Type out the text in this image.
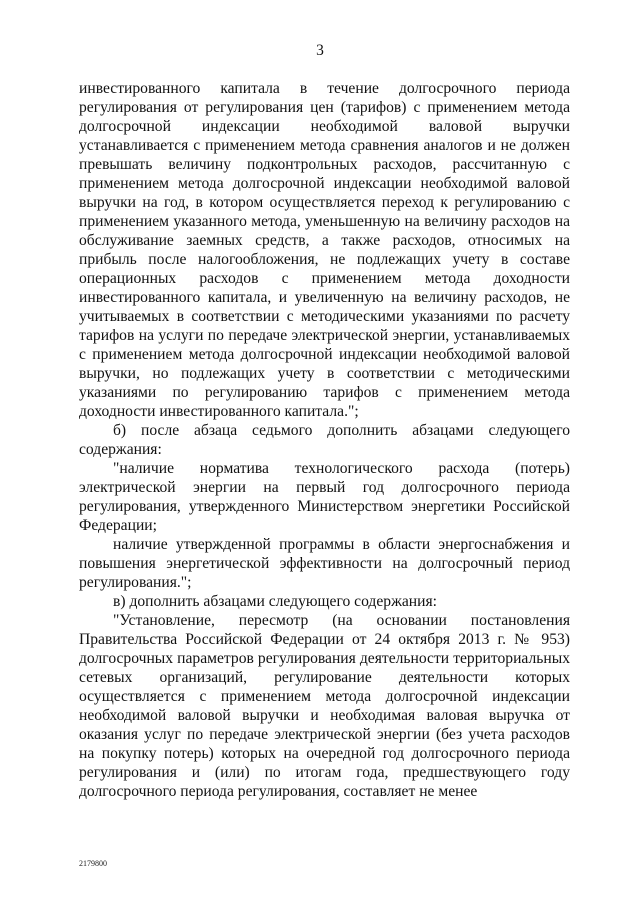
3

инвестированного капитала в течение долгосрочного периода регулирования от регулирования цен (тарифов) с применением метода долгосрочной индексации необходимой валовой выручки устанавливается с применением метода сравнения аналогов и не должен превышать величину подконтрольных расходов, рассчитанную с применением метода долгосрочной индексации необходимой валовой выручки на год, в котором осуществляется переход к регулированию с применением указанного метода, уменьшенную на величину расходов на обслуживание заемных средств, а также расходов, относимых на прибыль после налогообложения, не подлежащих учету в составе операционных расходов с применением метода доходности инвестированного капитала, и увеличенную на величину расходов, не учитываемых в соответствии с методическими указаниями по расчету тарифов на услуги по передаче электрической энергии, устанавливаемых с применением метода долгосрочной индексации необходимой валовой выручки, но подлежащих учету в соответствии с методическими указаниями по регулированию тарифов с применением метода доходности инвестированного капитала.";

б) после абзаца седьмого дополнить абзацами следующего содержания:

"наличие норматива технологического расхода (потерь) электрической энергии на первый год долгосрочного периода регулирования, утвержденного Министерством энергетики Российской Федерации;

наличие утвержденной программы в области энергоснабжения и повышения энергетической эффективности на долгосрочный период регулирования.";

в) дополнить абзацами следующего содержания:

"Установление, пересмотр (на основании постановления Правительства Российской Федерации от 24 октября 2013 г. № 953) долгосрочных параметров регулирования деятельности территориальных сетевых организаций, регулирование деятельности которых осуществляется с применением метода долгосрочной индексации необходимой валовой выручки и необходимая валовая выручка от оказания услуг по передаче электрической энергии (без учета расходов на покупку потерь) которых на очередной год долгосрочного периода регулирования и (или) по итогам года, предшествующего году долгосрочного периода регулирования, составляет не менее

2179800
